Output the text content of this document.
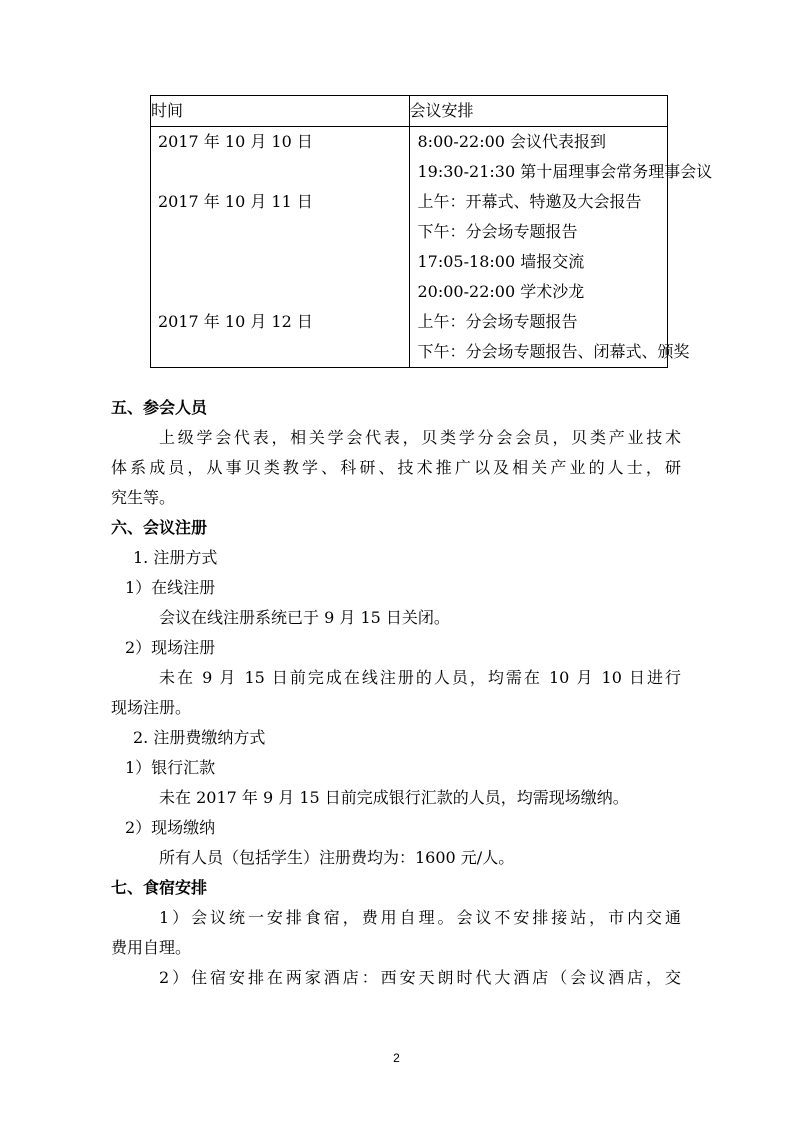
时间	会议安排
2017 年 10 月 10 日	8:00-22:00 会议代表报到
	19:30-21:30 第十届理事会常务理事会议
2017 年 10 月 11 日	上午：开幕式、特邀及大会报告
	下午：分会场专题报告
	17:05-18:00 墙报交流
	20:00-22:00 学术沙龙
2017 年 10 月 12 日	上午：分会场专题报告
	下午：分会场专题报告、闭幕式、颁奖
五、参会人员
上级学会代表，相关学会代表，贝类学分会会员，贝类产业技术
体系成员，从事贝类教学、科研、技术推广以及相关产业的人士，研
究生等。
六、会议注册
1. 注册方式
1）在线注册
会议在线注册系统已于 9 月 15 日关闭。
2）现场注册
未在 9 月 15 日前完成在线注册的人员，均需在 10 月 10 日进行
现场注册。
2. 注册费缴纳方式
1）银行汇款
未在 2017 年 9 月 15 日前完成银行汇款的人员，均需现场缴纳。
2）现场缴纳
所有人员（包括学生）注册费均为：1600 元/人。
七、食宿安排
1）会议统一安排食宿，费用自理。会议不安排接站，市内交通
费用自理。
2）住宿安排在两家酒店：西安天朗时代大酒店（会议酒店，交
2
